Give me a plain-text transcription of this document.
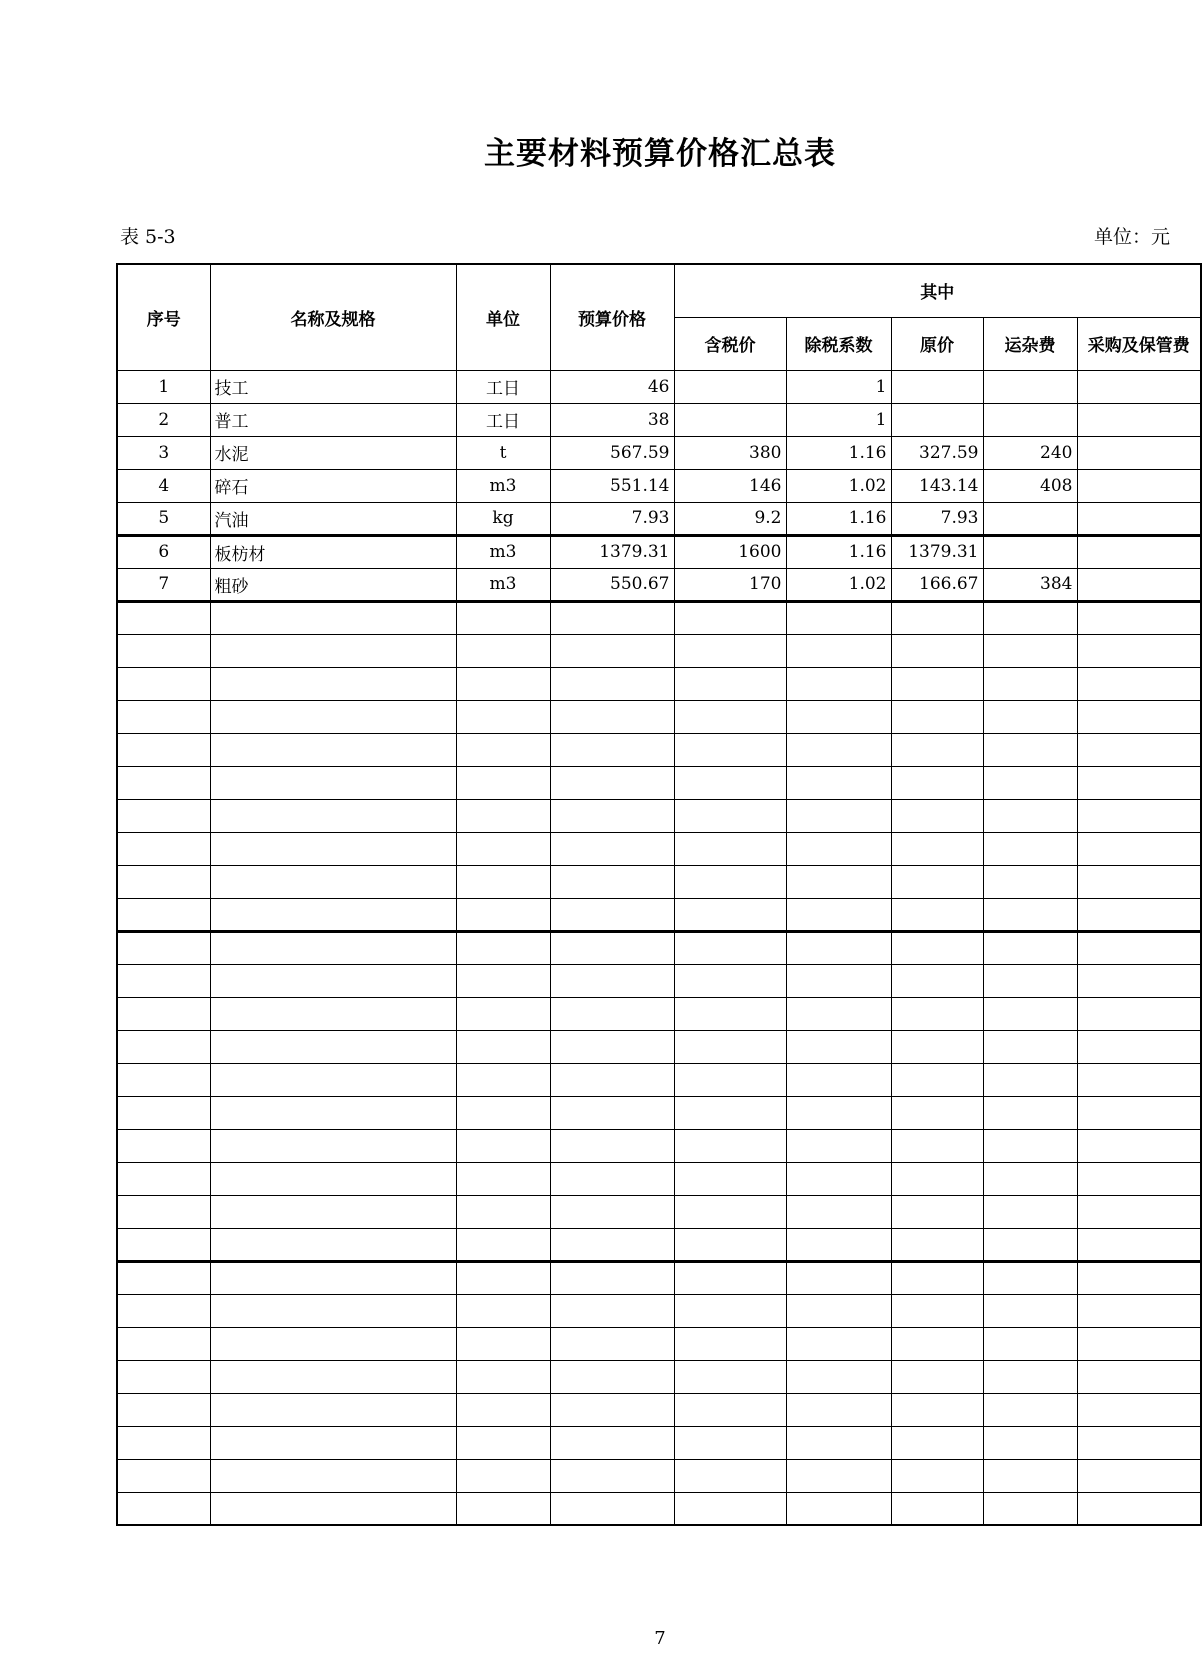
主要材料预算价格汇总表
表 5-3	单位：元
序号	名称及规格	单位	预算价格	其中				
				含税价	除税系数	原价	运杂费	采购及保管费
1	技工	工日	46		1			
2	普工	工日	38		1			
3	水泥	t	567.59	380	1.16	327.59	240	
4	碎石	m3	551.14	146	1.02	143.14	408	
5	汽油	kg	7.93	9.2	1.16	7.93		
6	板枋材	m3	1379.31	1600	1.16	1379.31		
7	粗砂	m3	550.67	170	1.02	166.67	384	

7
